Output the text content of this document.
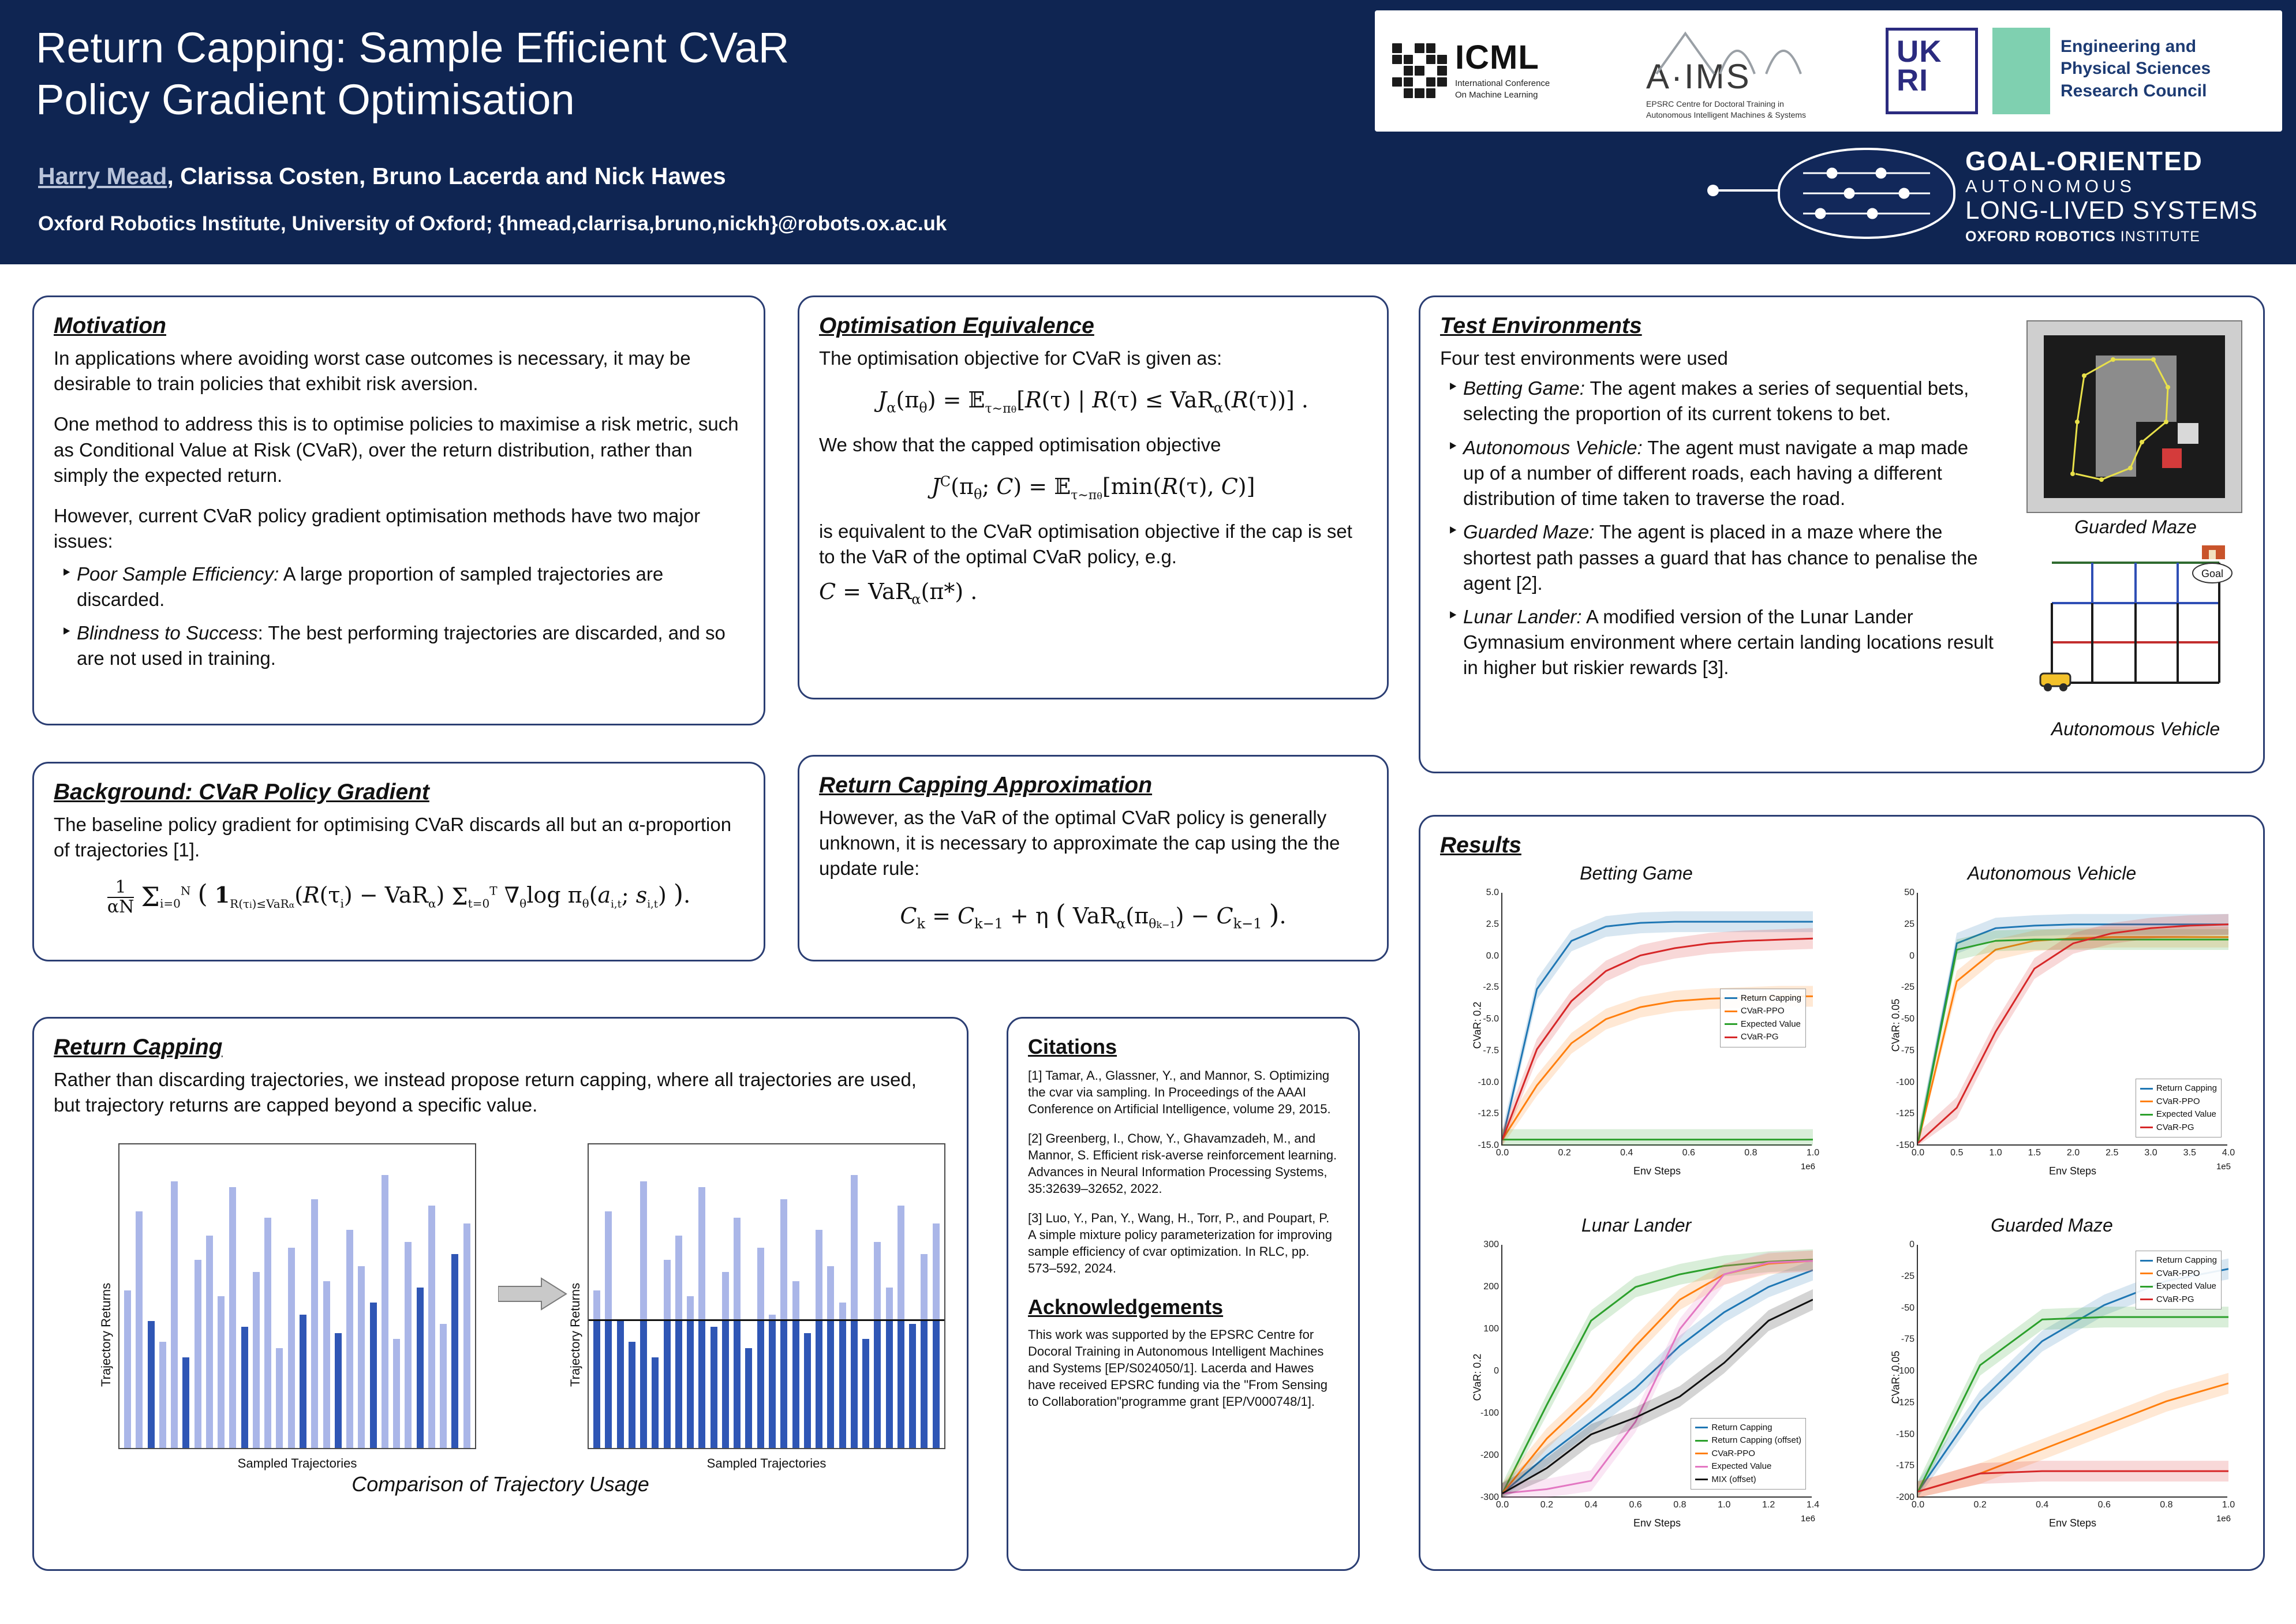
Return Capping: Sample Efficient CVaR
Policy Gradient Optimisation
Harry Mead, Clarissa Costen, Bruno Lacerda and Nick Hawes
Oxford Robotics Institute, University of Oxford; {hmead,clarrisa,bruno,nickh}@robots.ox.ac.uk
ICML
International Conference
On Machine Learning	A·IMS
EPSRC Centre for Doctoral Training in
Autonomous Intelligent Machines & Systems
UK
RI
Engineering and
Physical Sciences
Research Council
GOAL-ORIENTED
AUTONOMOUS
LONG-LIVED SYSTEMS
OXFORD ROBOTICS INSTITUTE
Motivation

In applications where avoiding worst case outcomes is necessary, it may be desirable to train policies that exhibit risk aversion.

One method to address this is to optimise policies to maximise a risk metric, such as Conditional Value at Risk (CVaR), over the return distribution, rather than simply the expected return.

However, current CVaR policy gradient optimisation methods have two major issues:

‣ Poor Sample Efficiency: A large proportion of sampled trajectories are discarded.
‣ Blindness to Success: The best performing trajectories are discarded, and so are not used in training.
Background: CVaR Policy Gradient

The baseline policy gradient for optimising CVaR discards all but an α-proportion of trajectories [1].

$\frac{1}{\alpha N} \Sigma_{i=0}^N$ ( $1_{R(\tau i)\le VaR\alpha}(R(\tau_i) - VaR_\alpha)$ $\Sigma_{t=0}^T$ $\nabla_\theta\log$ $\pi_\theta(a_{i,t}$; $s_{i,t}$) ).
Return Capping

Rather than discarding trajectories, we instead propose return capping, where all trajectories are used, but trajectory returns are capped beyond a specific value.

Trajectory Returns
Sampled Trajectories
Trajectory Returns
Sampled Trajectories
Comparison of Trajectory Usage
Optimisation Equivalence

The optimisation objective for CVaR is given as:

$J_\alpha(\pi_\theta)$ = 𝔼$_{\tau\sim\pi\theta}$[R(τ) | R(τ) ≤ VaR$_\alpha$(R(τ))] .

We show that the capped optimisation objective

$J^C(\pi_\theta$; C) = 𝔼$_{\tau\sim\pi\theta}$[min(R(τ), C)]

is equivalent to the CVaR optimisation objective if the cap is set to the VaR of the optimal CVaR policy, e.g.

C = VaR$_\alpha$(π*) .
Return Capping Approximation

However, as the VaR of the optimal CVaR policy is generally unknown, it is necessary to approximate the cap using the the update rule:

$C_k = C_{k-1} + \eta$ ( $VaR_\alpha(\pi_{\theta k-1}) - C_{k-1}$ ).
Citations
[1] Tamar, A., Glassner, Y., and Mannor, S. Optimizing the cvar via sampling. In Proceedings of the AAAI Conference on Artificial Intelligence, volume 29, 2015.
[2] Greenberg, I., Chow, Y., Ghavamzadeh, M., and Mannor, S. Efficient risk-averse reinforcement learning. Advances in Neural Information Processing Systems, 35:32639–32652, 2022.
[3] Luo, Y., Pan, Y., Wang, H., Torr, P., and Poupart, P. A simple mixture policy parameterization for improving sample efficiency of cvar optimization. In RLC, pp. 573–592, 2024.
Acknowledgements
This work was supported by the EPSRC Centre for Docoral Training in Autonomous Intelligent Machines and Systems [EP/S024050/1]. Lacerda and Hawes have received EPSRC funding via the "From Sensing to Collaboration"programme grant [EP/V000748/1].
Test Environments

Four test environments were used

‣ Betting Game: The agent makes a series of sequential bets, selecting the proportion of its current tokens to bet.
‣ Autonomous Vehicle: The agent must navigate a map made up of a number of different roads, each having a different distribution of time taken to traverse the road.
‣ Guarded Maze: The agent is placed in a maze where the shortest path passes a guard that has chance to penalise the agent [2].
‣ Lunar Lander: A modified version of the Lunar Lander Gymnasium environment where certain landing locations result in higher but riskier rewards [3].
Guarded Maze
Goal
Autonomous Vehicle
Results
Betting Game
5.0
2.5
0.0
-2.5
-5.0
-7.5
-10.0
-12.5
-15.0
0.0	0.2	0.4	0.6	0.8	1.0
1e6
Env Steps
CVaR: 0.2
Return Capping
CVaR-PPO
Expected Value
CVaR-PG
Autonomous Vehicle
50
25
0
-25
-50
-75
-100
-125
-150
0.0	0.5	1.0	1.5	2.0	2.5	3.0	3.5	4.0
1e5
Env Steps
CVaR: 0.05
Return Capping
CVaR-PPO
Expected Value
CVaR-PG
Lunar Lander
300
200
100
0
-100
-200
-300
0.0	0.2	0.4	0.6	0.8	1.0	1.2	1.4
1e6
Env Steps
CVaR: 0.2
Return Capping
Return Capping (offset)
CVaR-PPO
Expected Value
MIX (offset)
Guarded Maze
0
-25
-50
-75
-100
-125
-150
-175
-200
0.0	0.2	0.4	0.6	0.8	1.0
1e6
Env Steps
CVaR: 0.05
Return Capping
CVaR-PPO
Expected Value
CVaR-PG
